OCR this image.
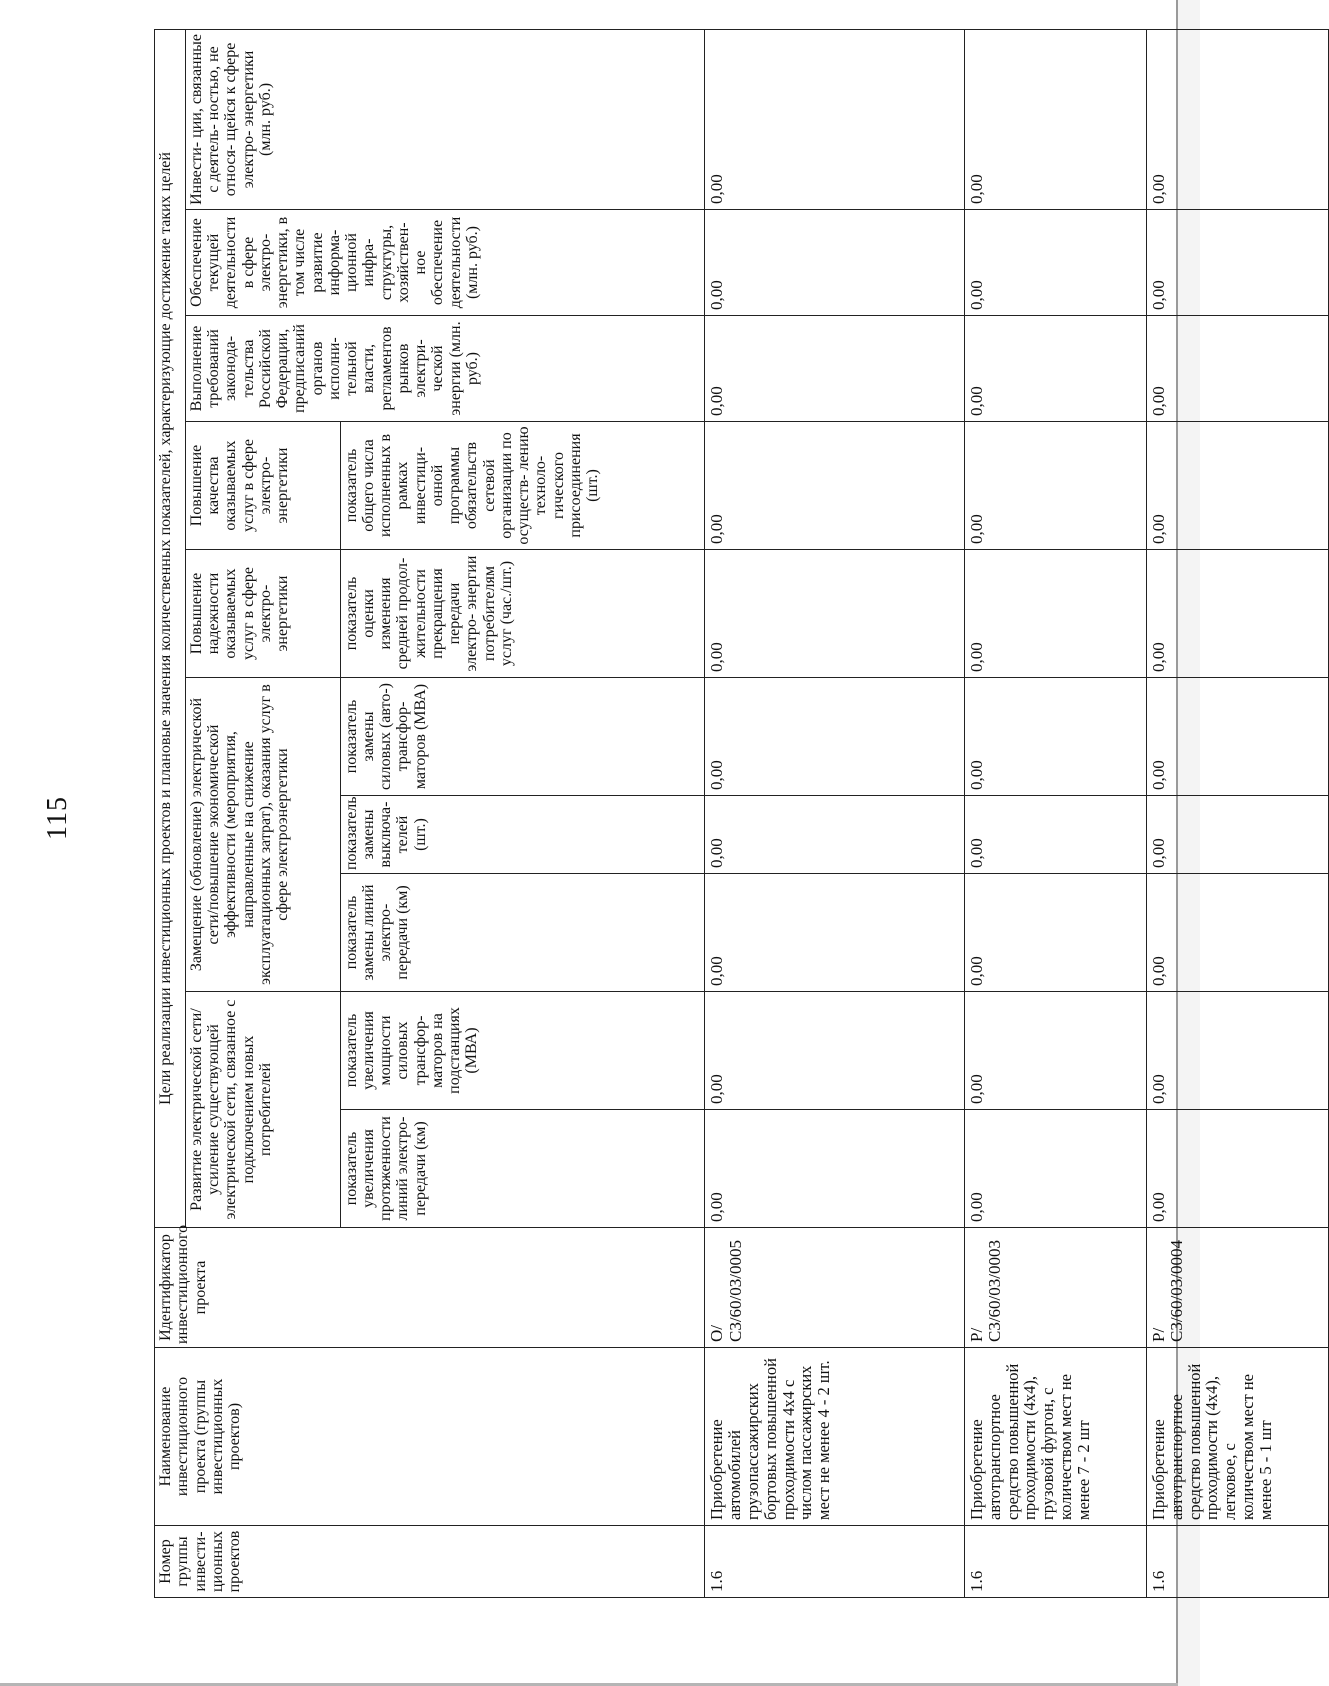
115
Номер группы инвести- ционных проектов	Наименование инвестиционного проекта (группы инвестиционных проектов)	Идентификатор инвестиционного проекта	Цели реализации инвестиционных проектов и плановые значения количественных показателей, характеризующие достижение таких целей									
			Развитие электрической сети/усиление существующей электрической сети, связанное с подключением новых потребителей		Замещение (обновление) электрической сети/повышение экономической эффективности (мероприятия, направленные на снижение эксплуатационных затрат), оказания услуг в сфере электроэнергетики			Повышение надежности оказываемых услуг в сфере электро- энергетики	Повышение качества оказываемых услуг в сфере электро- энергетики	Выполнение требований законода- тельства Российской Федерации, предписаний органов исполни- тельной власти, регламентов рынков электри- ческой энергии (млн. руб.)	Обеспечение текущей деятельности в сфере электро- энергетики, в том числе развитие информа- ционной инфра- структуры, хозяйствен- ное обеспечение деятельности (млн. руб.)	Инвести- ции, связанные с деятель- ностью, не относя- щейся к сфере электро- энергетики (млн. руб.)
			показатель увеличения протяженности линий электро- передачи (км)	показатель увеличения мощности силовых трансфор- маторов на подстанциях (МВА)	показатель замены линий электро- передачи (км)	показатель замены выключа- телей (шт.)	показатель замены силовых (авто-) трансфор- маторов (МВА)	показатель оценки изменения средней продол- жительности прекращения передачи электро- энергии потребителям услуг (час./шт.)	показатель общего числа исполненных в рамках инвестици- онной программы обязательств сетевой организации по осуществ- лению техноло- гического присоединения (шт.)			
1.6	Приобретение автомобилей грузопассажирских бортовых повышенной проходимости 4х4 с числом пассажирских мест не менее 4 - 2 шт.	О/С3/60/03/0005	0,00	0,00	0,00	0,00	0,00	0,00	0,00	0,00	0,00	0,00
1.6	Приобретение автотранспортное средство повышенной проходимости (4х4), грузовой фургон, с количеством мест не менее 7 - 2 шт	Р/С3/60/03/0003	0,00	0,00	0,00	0,00	0,00	0,00	0,00	0,00	0,00	0,00
1.6	Приобретение автотранспортное средство повышенной проходимости (4х4), легковое, с количеством мест не менее 5 - 1 шт	Р/С3/60/03/0004	0,00	0,00	0,00	0,00	0,00	0,00	0,00	0,00	0,00	0,00
